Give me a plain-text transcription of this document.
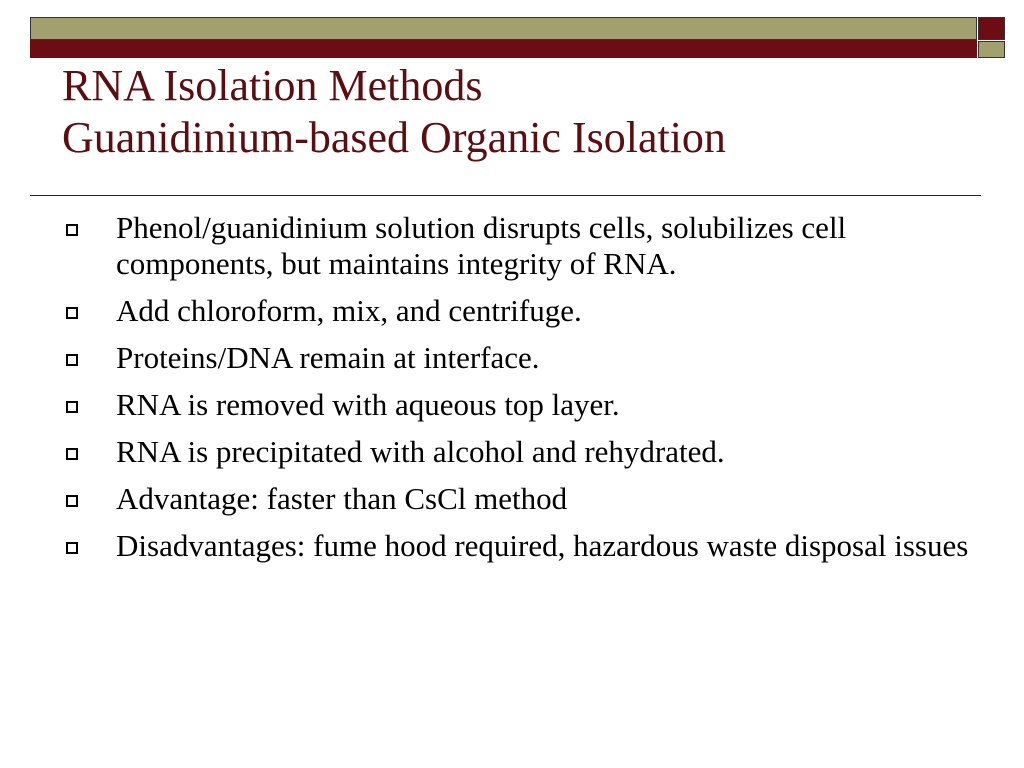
RNA Isolation Methods
Guanidinium-based Organic Isolation
Phenol/guanidinium solution disrupts cells, solubilizes cell components, but maintains integrity of RNA.
Add chloroform, mix, and centrifuge.
Proteins/DNA remain at interface.
RNA is removed with aqueous top layer.
RNA is precipitated with alcohol and rehydrated.
Advantage: faster than CsCl method
Disadvantages: fume hood required, hazardous waste disposal issues
